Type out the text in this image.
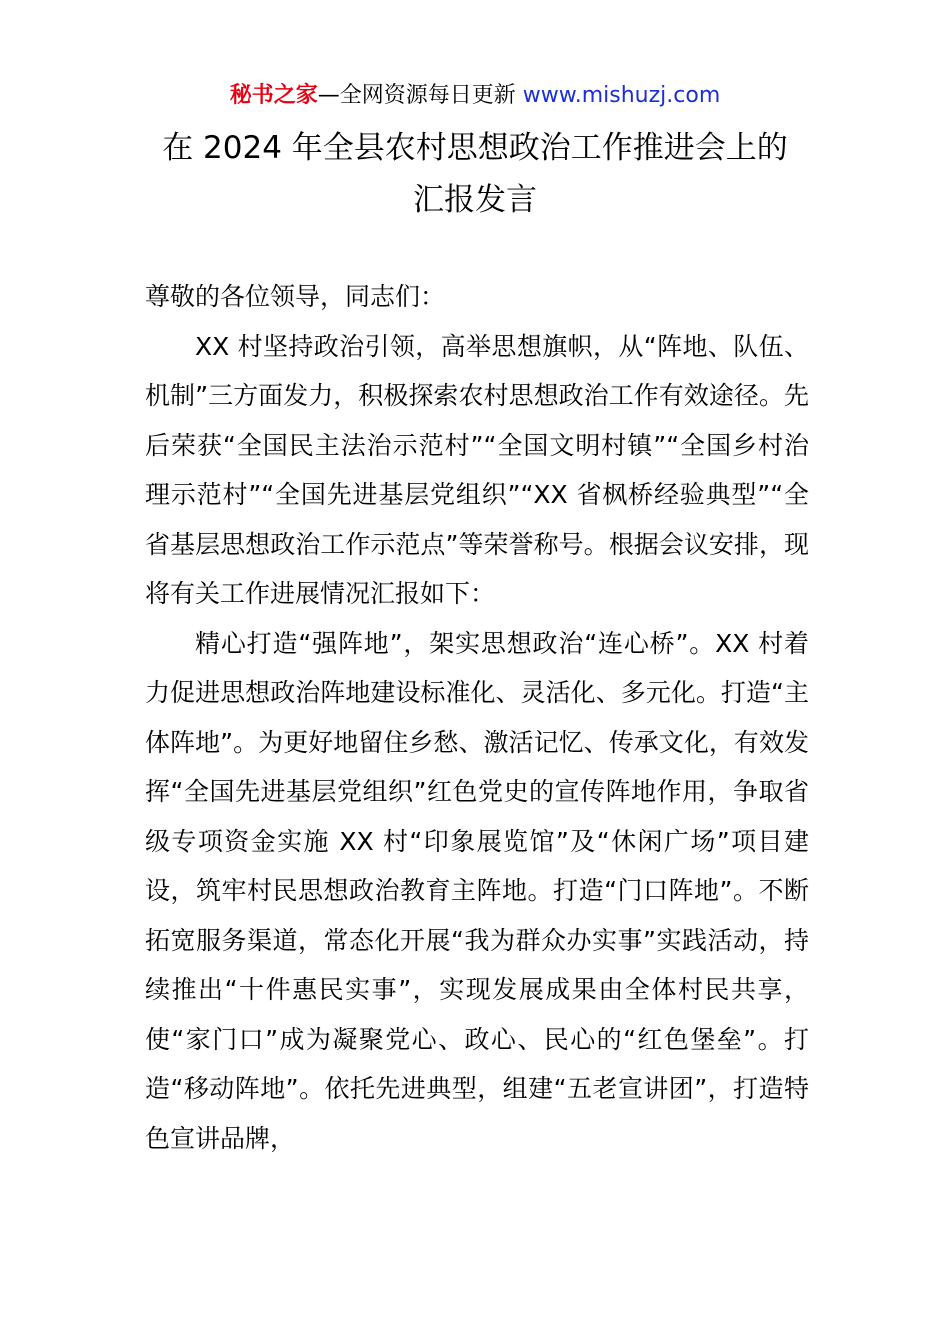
秘书之家—全网资源每日更新 www.mishuzj.com
在 2024 年全县农村思想政治工作推进会上的
汇报发言

尊敬的各位领导，同志们：

XX 村坚持政治引领，高举思想旗帜，从“阵地、队伍、机制”三方面发力，积极探索农村思想政治工作有效途径。先后荣获“全国民主法治示范村”“全国文明村镇”“全国乡村治理示范村”“全国先进基层党组织”“XX 省枫桥经验典型”“全省基层思想政治工作示范点”等荣誉称号。根据会议安排，现将有关工作进展情况汇报如下：

精心打造“强阵地”，架实思想政治“连心桥”。XX 村着力促进思想政治阵地建设标准化、灵活化、多元化。打造“主体阵地”。为更好地留住乡愁、激活记忆、传承文化，有效发挥“全国先进基层党组织”红色党史的宣传阵地作用，争取省级专项资金实施 XX 村“印象展览馆”及“休闲广场”项目建设，筑牢村民思想政治教育主阵地。打造“门口阵地”。不断拓宽服务渠道，常态化开展“我为群众办实事”实践活动，持续推出“十件惠民实事”，实现发展成果由全体村民共享，使“家门口”成为凝聚党心、政心、民心的“红色堡垒”。打造“移动阵地”。依托先进典型，组建“五老宣讲团”，打造特色宣讲品牌，
